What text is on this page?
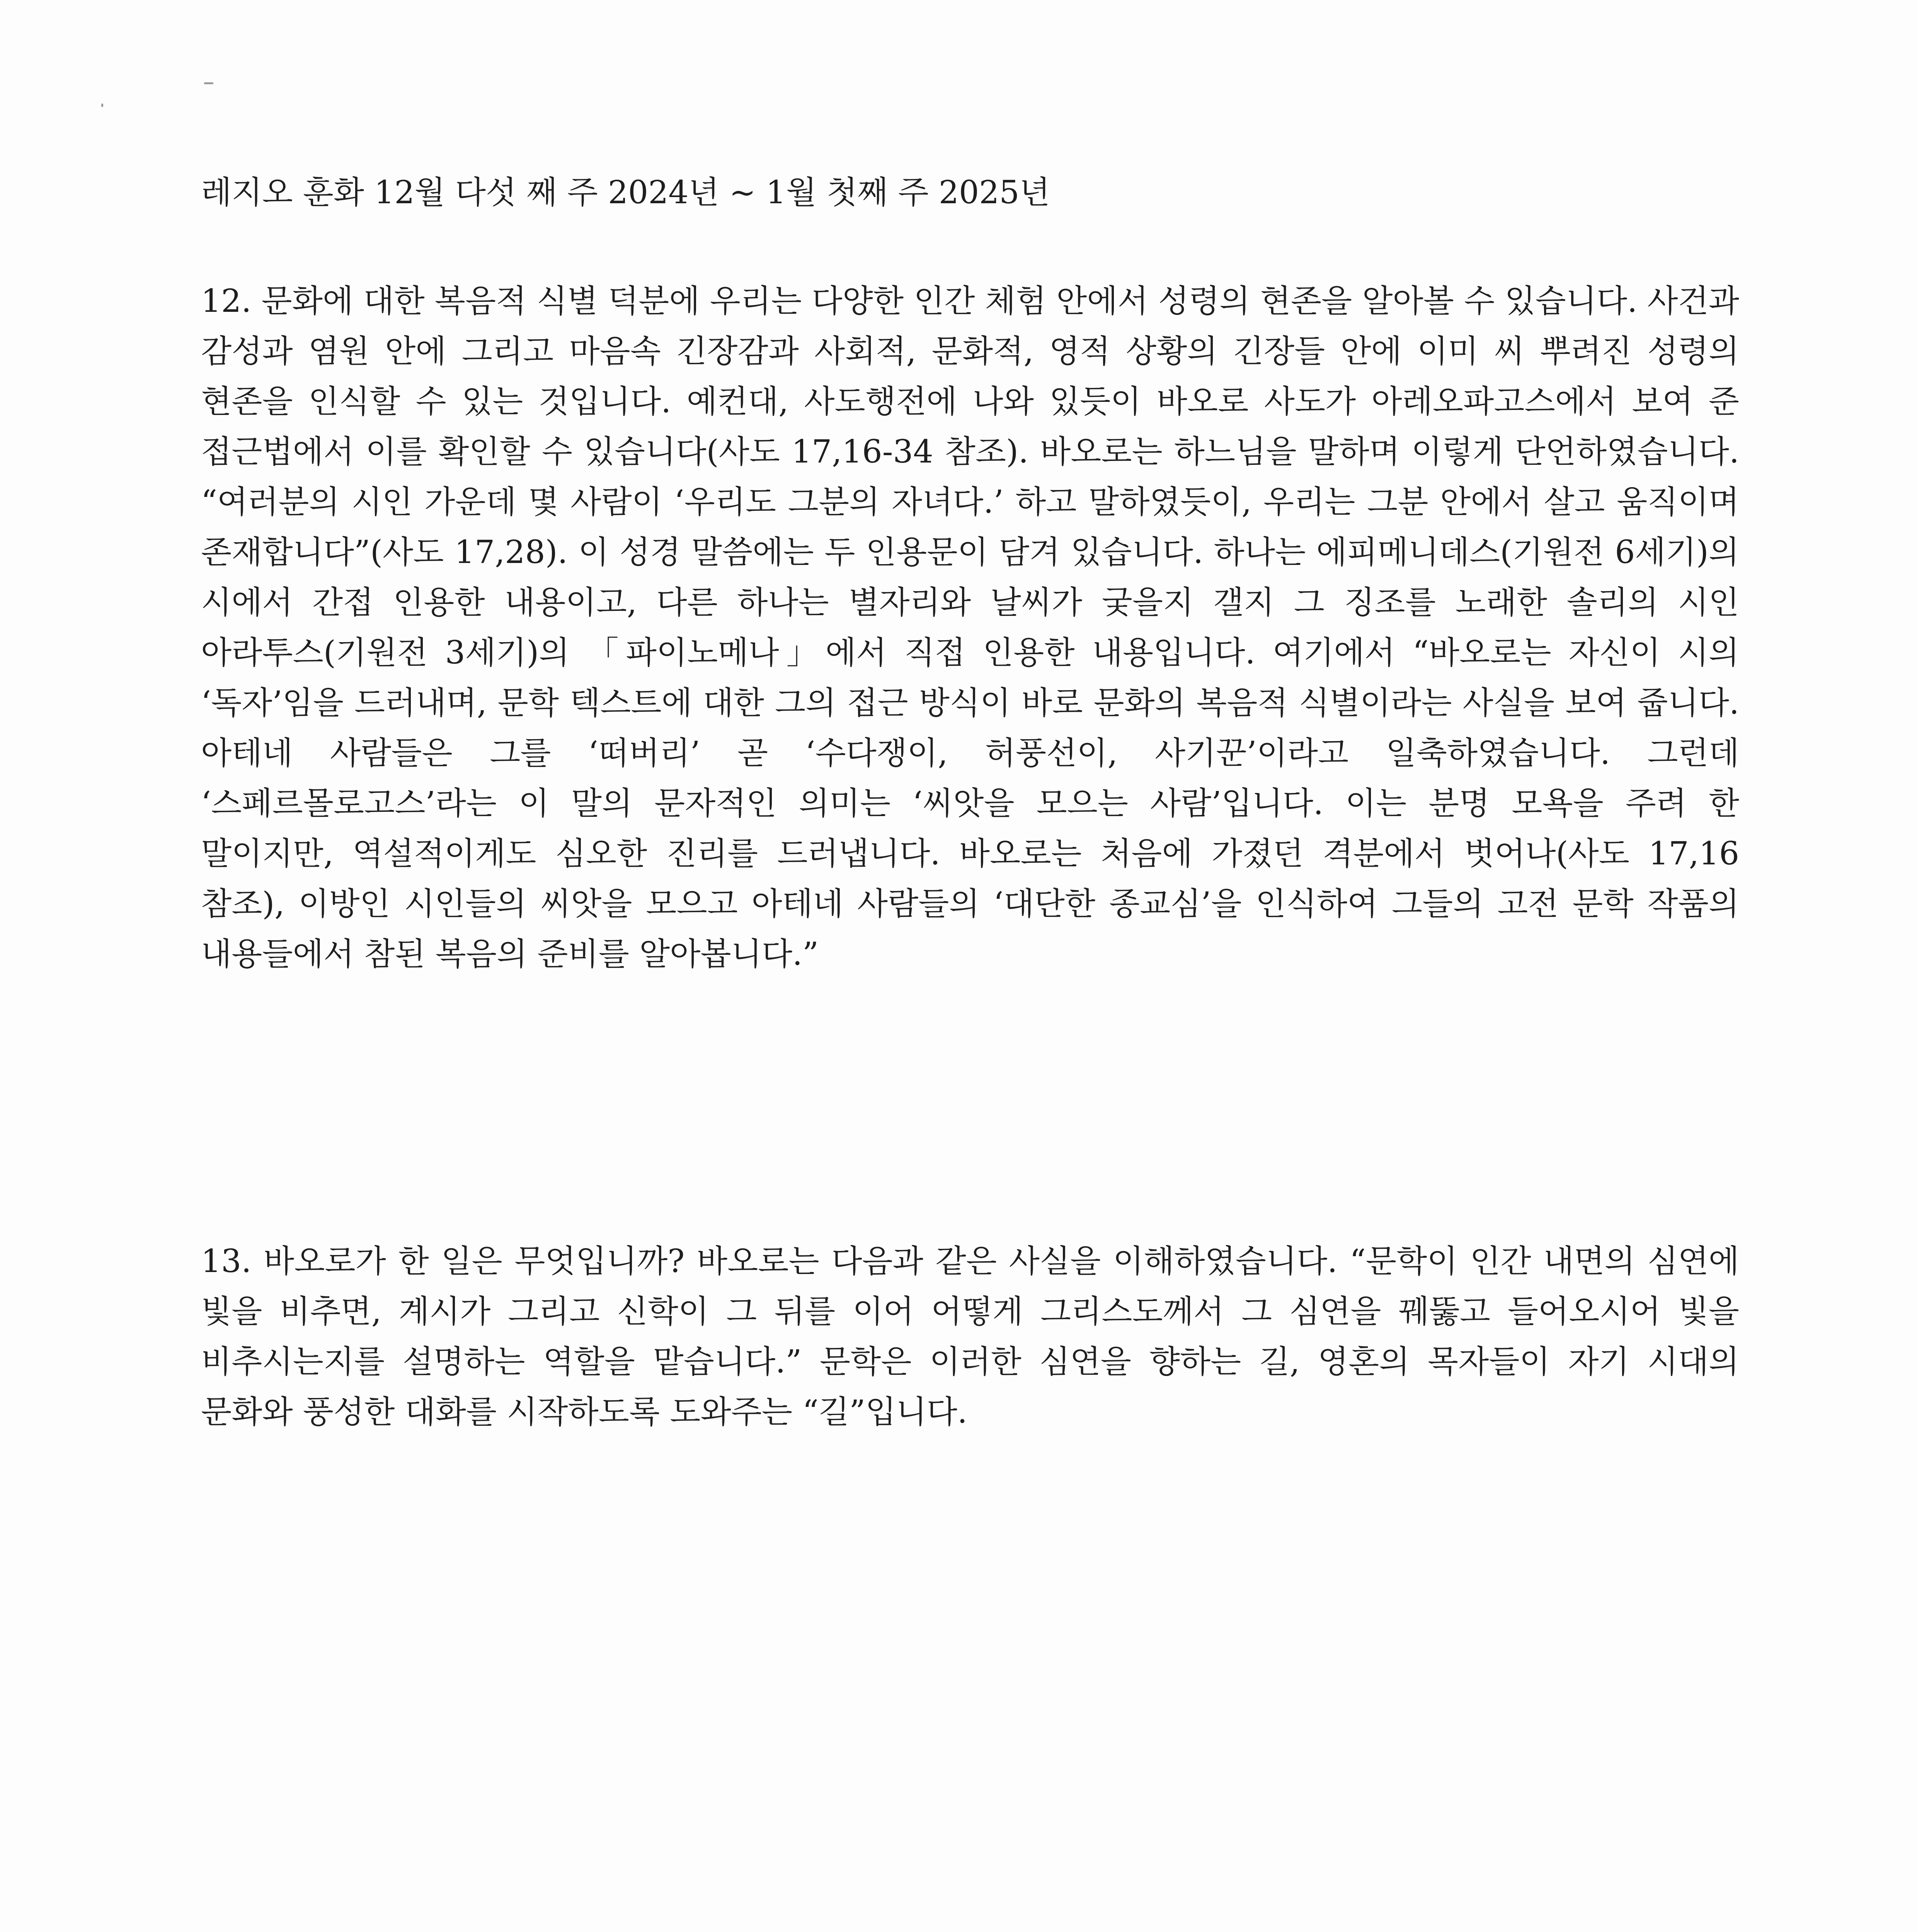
레지오 훈화 12월 다섯 째 주 2024년 ~ 1월 첫째 주 2025년

12. 문화에 대한 복음적 식별 덕분에 우리는 다양한 인간 체험 안에서 성령의 현존을 알아볼 수 있습니다. 사건과 감성과 염원 안에 그리고 마음속 긴장감과 사회적, 문화적, 영적 상황의 긴장들 안에 이미 씨 뿌려진 성령의 현존을 인식할 수 있는 것입니다. 예컨대, 사도행전에 나와 있듯이 바오로 사도가 아레오파고스에서 보여 준 접근법에서 이를 확인할 수 있습니다(사도 17,16-34 참조). 바오로는 하느님을 말하며 이렇게 단언하였습니다. “여러분의 시인 가운데 몇 사람이 ‘우리도 그분의 자녀다.’ 하고 말하였듯이, 우리는 그분 안에서 살고 움직이며 존재합니다”(사도 17,28). 이 성경 말씀에는 두 인용문이 담겨 있습니다. 하나는 에피메니데스(기원전 6세기)의 시에서 간접 인용한 내용이고, 다른 하나는 별자리와 날씨가 궂을지 갤지 그 징조를 노래한 솔리의 시인 아라투스(기원전 3세기)의 「파이노메나」에서 직접 인용한 내용입니다. 여기에서 “바오로는 자신이 시의 ‘독자’임을 드러내며, 문학 텍스트에 대한 그의 접근 방식이 바로 문화의 복음적 식별이라는 사실을 보여 줍니다. 아테네 사람들은 그를 ‘떠버리’ 곧 ‘수다쟁이, 허풍선이, 사기꾼’이라고 일축하였습니다. 그런데 ‘스페르몰로고스’라는 이 말의 문자적인 의미는 ‘씨앗을 모으는 사람’입니다. 이는 분명 모욕을 주려 한 말이지만, 역설적이게도 심오한 진리를 드러냅니다. 바오로는 처음에 가졌던 격분에서 벗어나(사도 17,16 참조), 이방인 시인들의 씨앗을 모으고 아테네 사람들의 ‘대단한 종교심’을 인식하여 그들의 고전 문학 작품의 내용들에서 참된 복음의 준비를 알아봅니다.”

13. 바오로가 한 일은 무엇입니까? 바오로는 다음과 같은 사실을 이해하였습니다. “문학이 인간 내면의 심연에 빛을 비추면, 계시가 그리고 신학이 그 뒤를 이어 어떻게 그리스도께서 그 심연을 꿰뚫고 들어오시어 빛을 비추시는지를 설명하는 역할을 맡습니다.” 문학은 이러한 심연을 향하는 길, 영혼의 목자들이 자기 시대의 문화와 풍성한 대화를 시작하도록 도와주는 “길”입니다.
